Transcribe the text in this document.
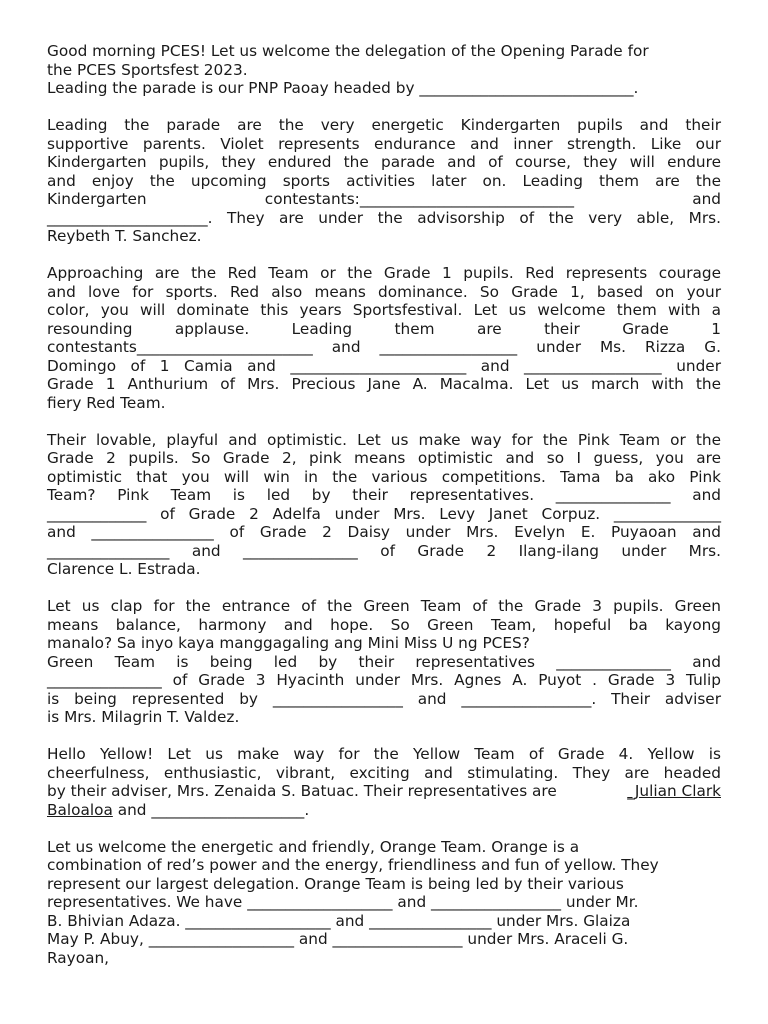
Good morning PCES! Let us welcome the delegation of the Opening Parade for
the PCES Sportsfest 2023.
Leading the parade is our PNP Paoay headed by ____________________________.
Leading the parade are the very energetic Kindergarten pupils and their
supportive parents. Violet represents endurance and inner strength. Like our
Kindergarten pupils, they endured the parade and of course, they will endure
and enjoy the upcoming sports activities later on. Leading them are the
Kindergarten contestants:____________________________ and
_____________________. They are under the advisorship of the very able, Mrs.
Reybeth T. Sanchez.
Approaching are the Red Team or the Grade 1 pupils. Red represents courage
and love for sports. Red also means dominance. So Grade 1, based on your
color, you will dominate this years Sportsfestival. Let us welcome them with a
resounding applause. Leading them are their Grade 1
contestants_______________________ and __________________ under Ms. Rizza G.
Domingo of 1 Camia and _______________________ and __________________ under
Grade 1 Anthurium of Mrs. Precious Jane A. Macalma. Let us march with the
fiery Red Team.
Their lovable, playful and optimistic. Let us make way for the Pink Team or the
Grade 2 pupils. So Grade 2, pink means optimistic and so I guess, you are
optimistic that you will win in the various competitions. Tama ba ako Pink
Team? Pink Team is led by their representatives. _______________ and
_____________ of Grade 2 Adelfa under Mrs. Levy Janet Corpuz. ______________
and ________________ of Grade 2 Daisy under Mrs. Evelyn E. Puyaoan and
________________ and _______________ of Grade 2 Ilang-ilang under Mrs.
Clarence L. Estrada.
Let us clap for the entrance of the Green Team of the Grade 3 pupils. Green
means balance, harmony and hope. So Green Team, hopeful ba kayong
manalo? Sa inyo kaya manggagaling ang Mini Miss U ng PCES?
Green Team is being led by their representatives _______________ and
_______________ of Grade 3 Hyacinth under Mrs. Agnes A. Puyot . Grade 3 Tulip
is being represented by _________________ and _________________. Their adviser
is Mrs. Milagrin T. Valdez.
Hello Yellow! Let us make way for the Yellow Team of Grade 4. Yellow is
cheerfulness, enthusiastic, vibrant, exciting and stimulating. They are headed
by their adviser, Mrs. Zenaida S. Batuac. Their representatives are	_Julian Clark
Baloaloa and ____________________.
Let us welcome the energetic and friendly, Orange Team. Orange is a
combination of red’s power and the energy, friendliness and fun of yellow. They
represent our largest delegation. Orange Team is being led by their various
representatives. We have ___________________ and _________________ under Mr.
B. Bhivian Adaza. ___________________ and ________________ under Mrs. Glaiza
May P. Abuy, ___________________ and _________________ under Mrs. Araceli G.
Rayoan,
